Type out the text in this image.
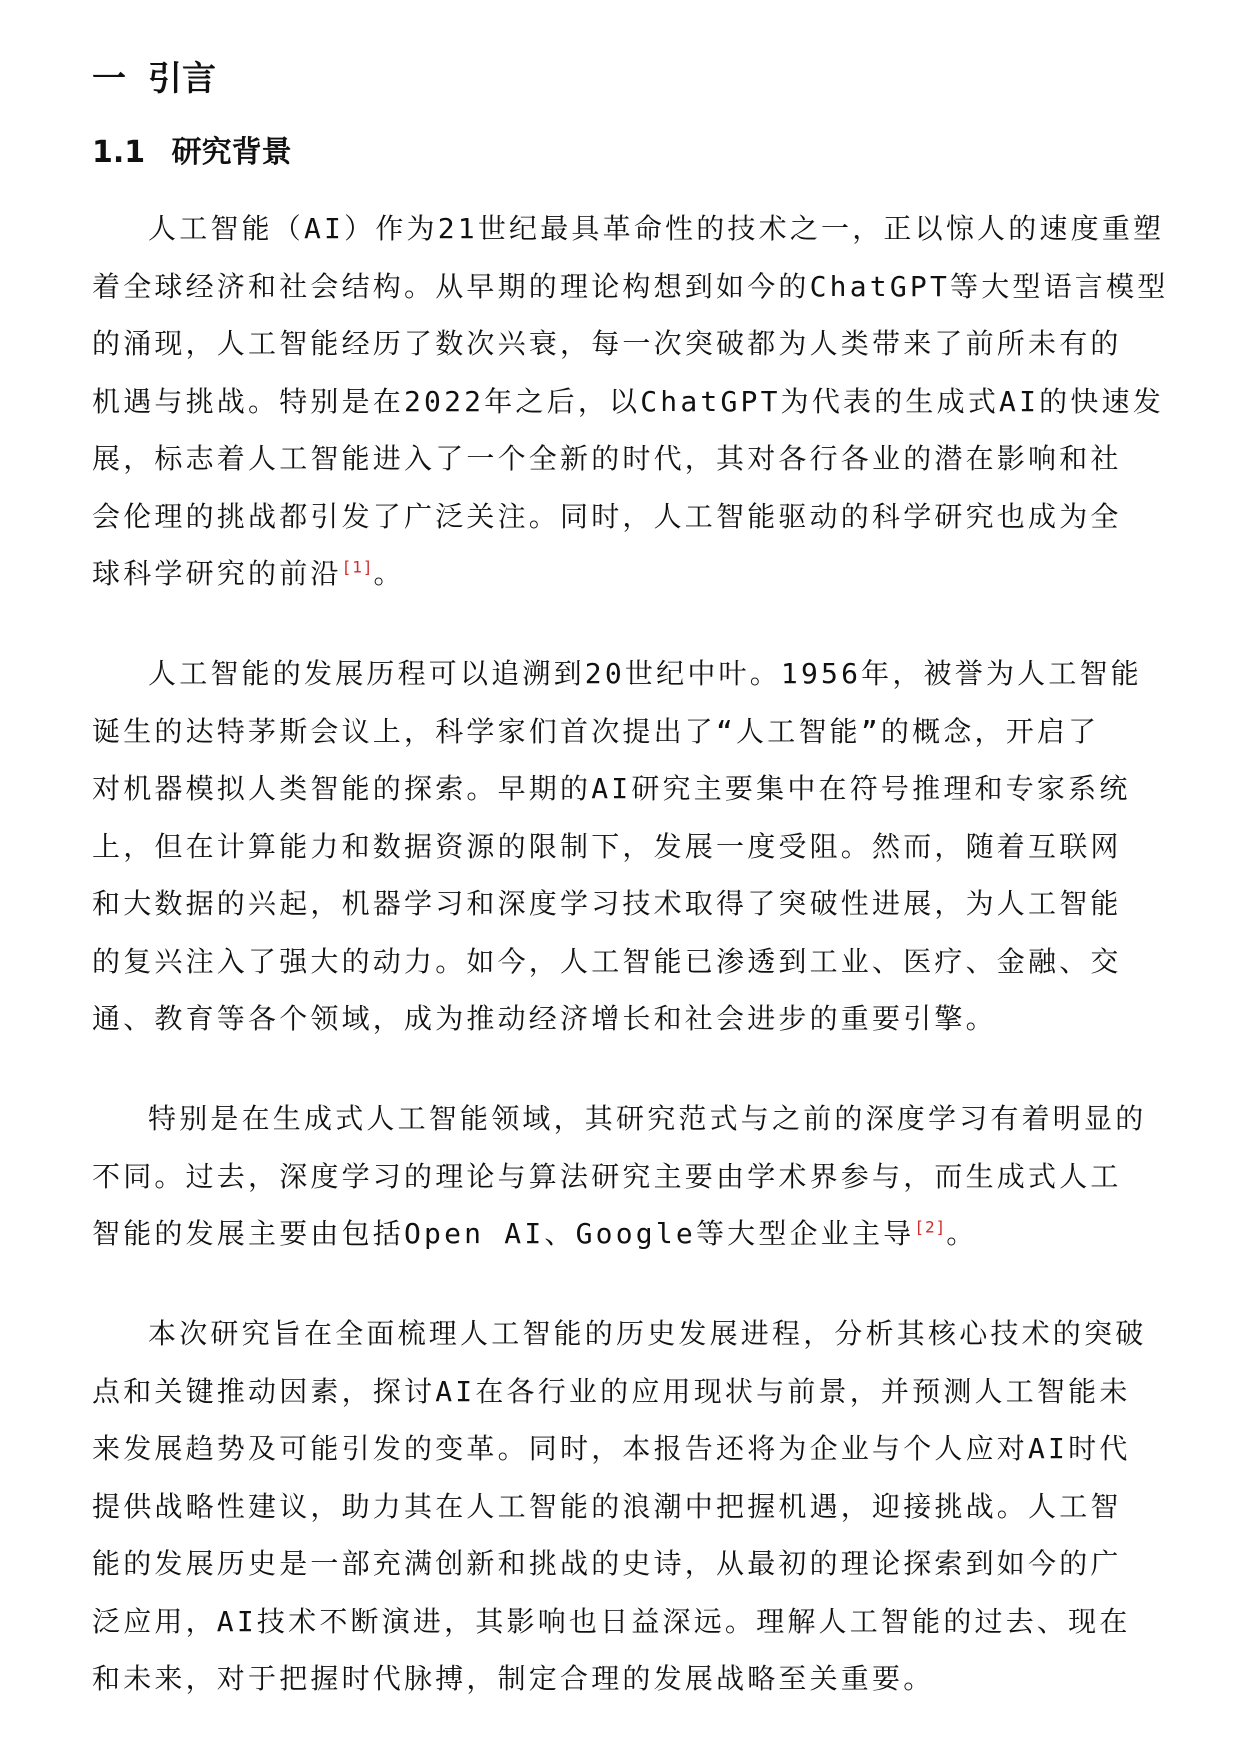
一 引言
1.1 研究背景
人工智能（AI）作为21世纪最具革命性的技术之一，正以惊人的速度重塑
着全球经济和社会结构。从早期的理论构想到如今的ChatGPT等大型语言模型
的涌现，人工智能经历了数次兴衰，每一次突破都为人类带来了前所未有的
机遇与挑战。特别是在2022年之后，以ChatGPT为代表的生成式AI的快速发
展，标志着人工智能进入了一个全新的时代，其对各行各业的潜在影响和社
会伦理的挑战都引发了广泛关注。同时，人工智能驱动的科学研究也成为全
球科学研究的前沿[1]。
人工智能的发展历程可以追溯到20世纪中叶。1956年，被誉为人工智能
诞生的达特茅斯会议上，科学家们首次提出了“人工智能”的概念，开启了
对机器模拟人类智能的探索。早期的AI研究主要集中在符号推理和专家系统
上，但在计算能力和数据资源的限制下，发展一度受阻。然而，随着互联网
和大数据的兴起，机器学习和深度学习技术取得了突破性进展，为人工智能
的复兴注入了强大的动力。如今，人工智能已渗透到工业、医疗、金融、交
通、教育等各个领域，成为推动经济增长和社会进步的重要引擎。
特别是在生成式人工智能领域，其研究范式与之前的深度学习有着明显的
不同。过去，深度学习的理论与算法研究主要由学术界参与，而生成式人工
智能的发展主要由包括Open AI、Google等大型企业主导[2]。
本次研究旨在全面梳理人工智能的历史发展进程，分析其核心技术的突破
点和关键推动因素，探讨AI在各行业的应用现状与前景，并预测人工智能未
来发展趋势及可能引发的变革。同时，本报告还将为企业与个人应对AI时代
提供战略性建议，助力其在人工智能的浪潮中把握机遇，迎接挑战。人工智
能的发展历史是一部充满创新和挑战的史诗，从最初的理论探索到如今的广
泛应用，AI技术不断演进，其影响也日益深远。理解人工智能的过去、现在
和未来，对于把握时代脉搏，制定合理的发展战略至关重要。
